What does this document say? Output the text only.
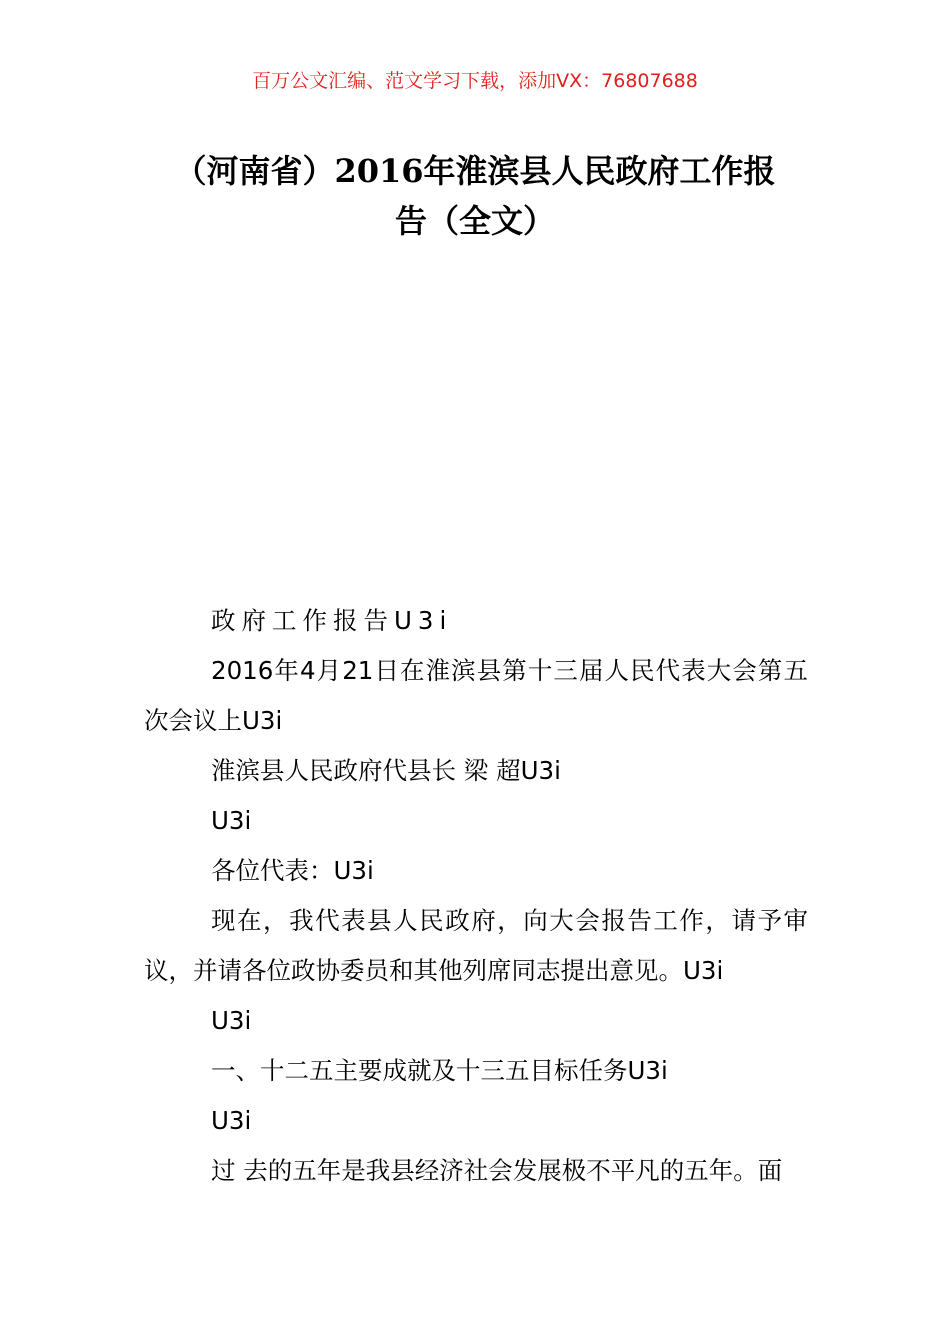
百万公文汇编、范文学习下载，添加VX：76807688
（河南省）2016年淮滨县人民政府工作报
告（全文）

政府工作报告U3i

2016年4月21日在淮滨县第十三届人民代表大会第五次会议上U3i

淮滨县人民政府代县长 梁 超U3i

U3i

各位代表：U3i

现在，我代表县人民政府，向大会报告工作，请予审议，并请各位政协委员和其他列席同志提出意见。U3i

U3i

一、十二五主要成就及十三五目标任务U3i

U3i

过 去的五年是我县经济社会发展极不平凡的五年。面
